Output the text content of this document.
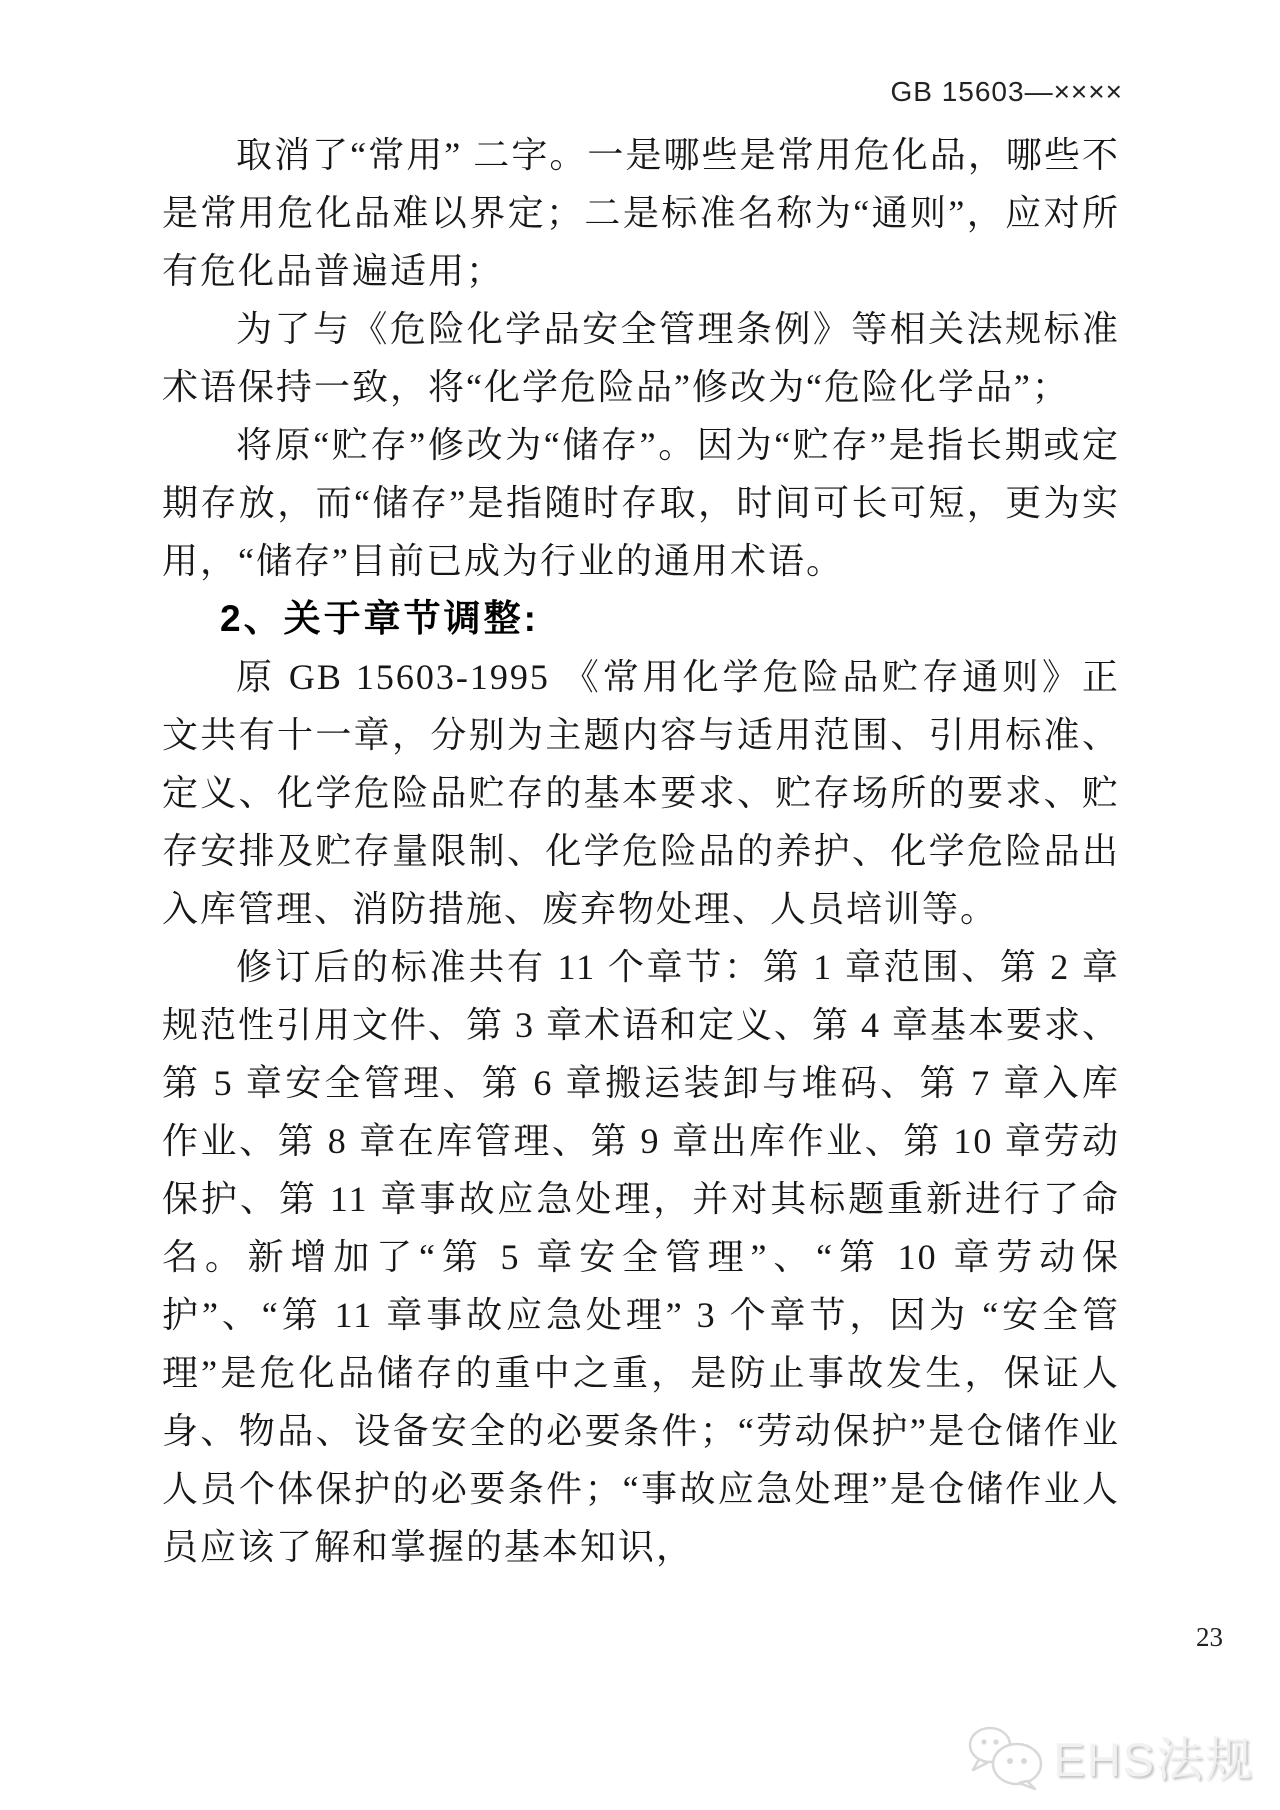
GB 15603—××××

取消了“常用” 二字。一是哪些是常用危化品，哪些不是常用危化品难以界定；二是标准名称为“通则”，应对所有危化品普遍适用；

为了与《危险化学品安全管理条例》等相关法规标准术语保持一致，将“化学危险品”修改为“危险化学品”；

将原“贮存”修改为“储存”。因为“贮存”是指长期或定期存放，而“储存”是指随时存取，时间可长可短，更为实用，“储存”目前已成为行业的通用术语。

2、关于章节调整:

原 GB 15603-1995 《常用化学危险品贮存通则》正文共有十一章，分别为主题内容与适用范围、引用标准、定义、化学危险品贮存的基本要求、贮存场所的要求、贮存安排及贮存量限制、化学危险品的养护、化学危险品出入库管理、消防措施、废弃物处理、人员培训等。

修订后的标准共有 11 个章节：第 1 章范围、第 2 章规范性引用文件、第 3 章术语和定义、第 4 章基本要求、第 5 章安全管理、第 6 章搬运装卸与堆码、第 7 章入库作业、第 8 章在库管理、第 9 章出库作业、第 10 章劳动保护、第 11 章事故应急处理，并对其标题重新进行了命名。新增加了“第 5 章安全管理”、“第 10 章劳动保护”、“第 11 章事故应急处理” 3 个章节，因为 “安全管理”是危化品储存的重中之重，是防止事故发生，保证人身、物品、设备安全的必要条件；“劳动保护”是仓储作业人员个体保护的必要条件；“事故应急处理”是仓储作业人员应该了解和掌握的基本知识，

23
EHS法规
